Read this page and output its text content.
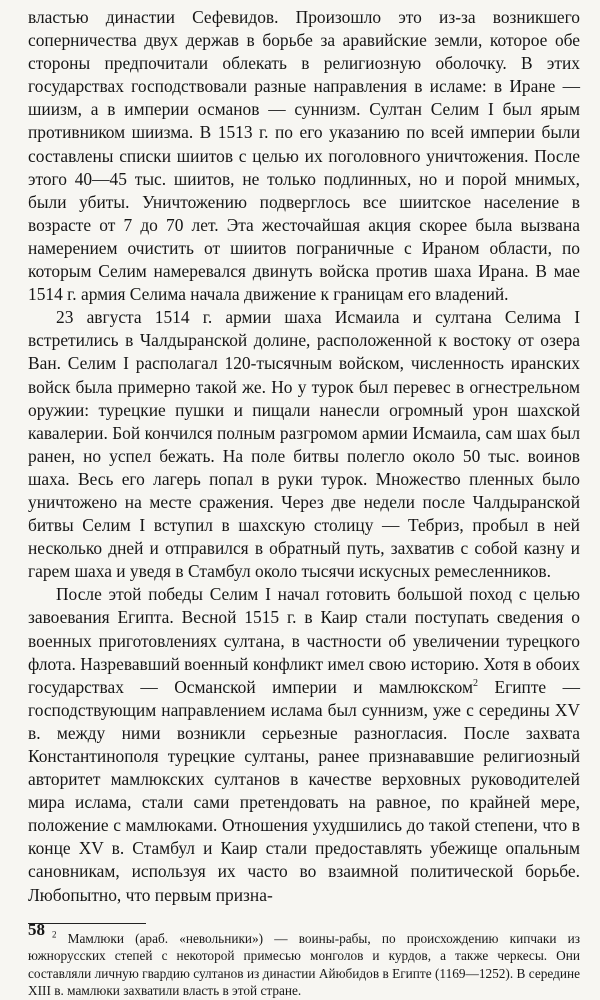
властью династии Сефевидов. Произошло это из-за возникшего соперничества двух держав в борьбе за аравийские земли, которое обе стороны предпочитали облекать в религиозную оболочку. В этих государствах господствовали разные направления в исламе: в Иране — шиизм, а в империи османов — суннизм. Султан Селим I был ярым противником шиизма. В 1513 г. по его указанию по всей империи были составлены списки шиитов с целью их поголовного уничтожения. После этого 40—45 тыс. шиитов, не только подлинных, но и порой мнимых, были убиты. Уничтожению подверглось все шиитское население в возрасте от 7 до 70 лет. Эта жесточайшая акция скорее была вызвана намерением очистить от шиитов пограничные с Ираном области, по которым Селим намеревался двинуть войска против шаха Ирана. В мае 1514 г. армия Селима начала движение к границам его владений.

23 августа 1514 г. армии шаха Исмаила и султана Селима I встретились в Чалдыранской долине, расположенной к востоку от озера Ван. Селим I располагал 120-тысячным войском, численность иранских войск была примерно такой же. Но у турок был перевес в огнестрельном оружии: турецкие пушки и пищали нанесли огромный урон шахской кавалерии. Бой кончился полным разгромом армии Исмаила, сам шах был ранен, но успел бежать. На поле битвы полегло около 50 тыс. воинов шаха. Весь его лагерь попал в руки турок. Множество пленных было уничтожено на месте сражения. Через две недели после Чалдыранской битвы Селим I вступил в шахскую столицу — Тебриз, пробыл в ней несколько дней и отправился в обратный путь, захватив с собой казну и гарем шаха и уведя в Стамбул около тысячи искусных ремесленников.

После этой победы Селим I начал готовить большой поход с целью завоевания Египта. Весной 1515 г. в Каир стали поступать сведения о военных приготовлениях султана, в частности об увеличении турецкого флота. Назревавший военный конфликт имел свою историю. Хотя в обоих государствах — Османской империи и мамлюкском$^2$ Египте — господствующим направлением ислама был суннизм, уже с середины XV в. между ними возникли серьезные разногласия. После захвата Константинополя турецкие султаны, ранее признававшие религиозный авторитет мамлюкских султанов в качестве верховных руководителей мира ислама, стали сами претендовать на равное, по крайней мере, положение с мамлюками. Отношения ухудшились до такой степени, что в конце XV в. Стамбул и Каир стали предоставлять убежище опальным сановникам, используя их часто во взаимной политической борьбе. Любопытно, что первым призна-

$^2$ Мамлюки (араб. «невольники») — воины-рабы, по происхождению кипчаки из южнорусских степей с некоторой примесью монголов и курдов, а также черкесы. Они составляли личную гвардию султанов из династии Айюбидов в Египте (1169—1252). В середине XIII в. мамлюки захватили власть в этой стране.

58
